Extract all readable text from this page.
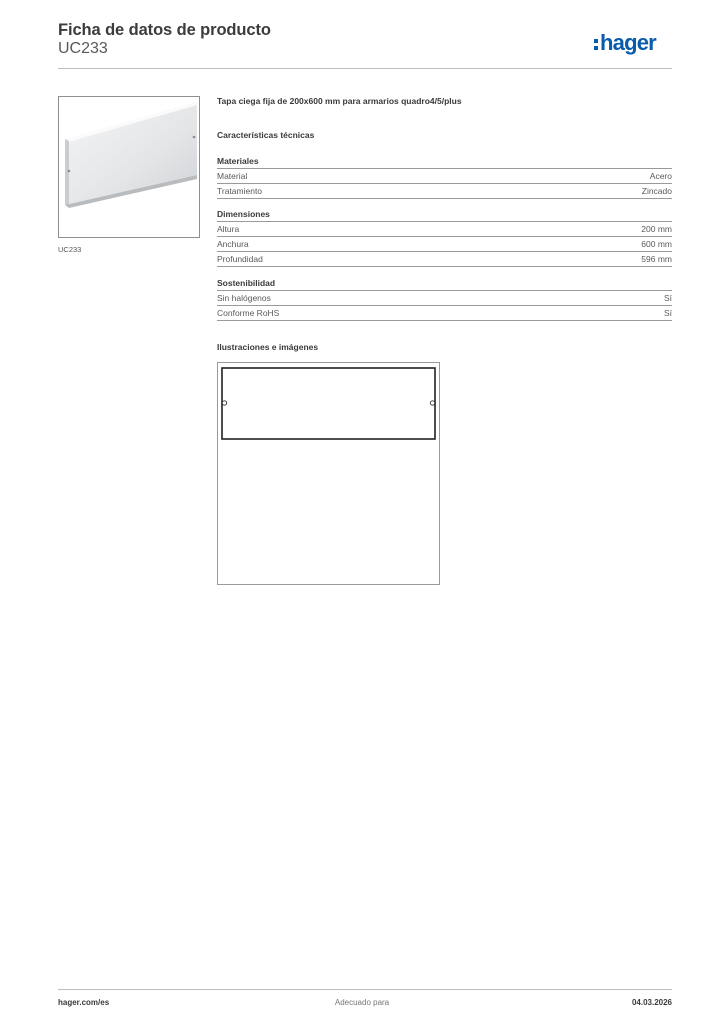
Ficha de datos de producto
UC233	hager
UC233
Tapa ciega fija de 200x600 mm para armarios quadro4/5/plus
Características técnicas
Materiales
Material	Acero
Tratamiento	Zincado
Dimensiones
Altura	200 mm
Anchura	600 mm
Profundidad	596 mm
Sostenibilidad
Sin halógenos	Sí
Conforme RoHS	Sí
Ilustraciones e imágenes
hager.com/es	Adecuado para	04.03.2026
